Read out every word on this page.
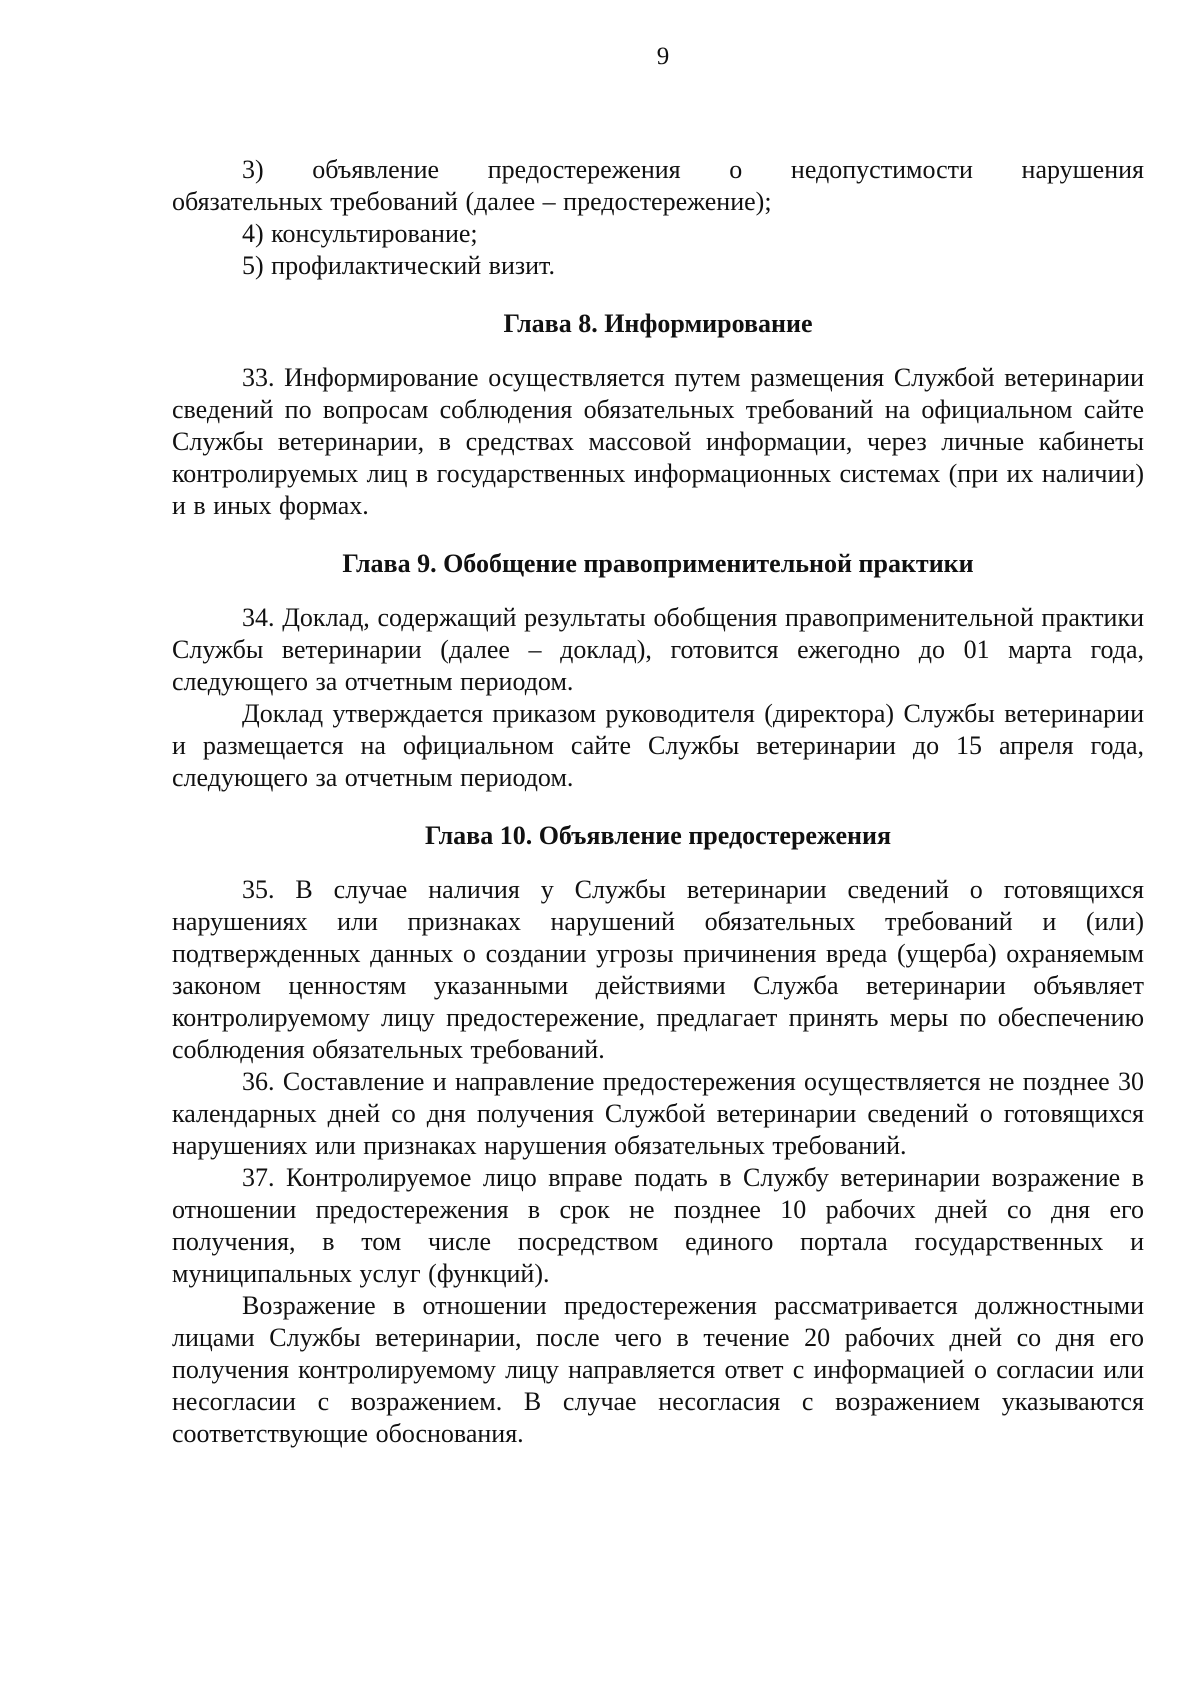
9

3) объявление предостережения о недопустимости нарушения

обязательных требований (далее – предостережение);

4) консультирование;

5) профилактический визит.

Глава 8. Информирование

33. Информирование осуществляется путем размещения Службой ветеринарии сведений по вопросам соблюдения обязательных требований на официальном сайте Службы ветеринарии, в средствах массовой информации, через личные кабинеты контролируемых лиц в государственных информационных системах (при их наличии) и в иных формах.

Глава 9. Обобщение правоприменительной практики

34. Доклад, содержащий результаты обобщения правоприменительной практики Службы ветеринарии (далее – доклад), готовится ежегодно до 01 марта года, следующего за отчетным периодом.

Доклад утверждается приказом руководителя (директора) Службы ветеринарии и размещается на официальном сайте Службы ветеринарии до 15 апреля года, следующего за отчетным периодом.

Глава 10. Объявление предостережения

35. В случае наличия у Службы ветеринарии сведений о готовящихся нарушениях или признаках нарушений обязательных требований и (или) подтвержденных данных о создании угрозы причинения вреда (ущерба) охраняемым законом ценностям указанными действиями Служба ветеринарии объявляет контролируемому лицу предостережение, предлагает принять меры по обеспечению соблюдения обязательных требований.

36. Составление и направление предостережения осуществляется не позднее 30 календарных дней со дня получения Службой ветеринарии сведений о готовящихся нарушениях или признаках нарушения обязательных требований.

37. Контролируемое лицо вправе подать в Службу ветеринарии возражение в отношении предостережения в срок не позднее 10 рабочих дней со дня его получения, в том числе посредством единого портала государственных и муниципальных услуг (функций).

Возражение в отношении предостережения рассматривается должностными лицами Службы ветеринарии, после чего в течение 20 рабочих дней со дня его получения контролируемому лицу направляется ответ с информацией о согласии или несогласии с возражением. В случае несогласия с возражением указываются соответствующие обоснования.
